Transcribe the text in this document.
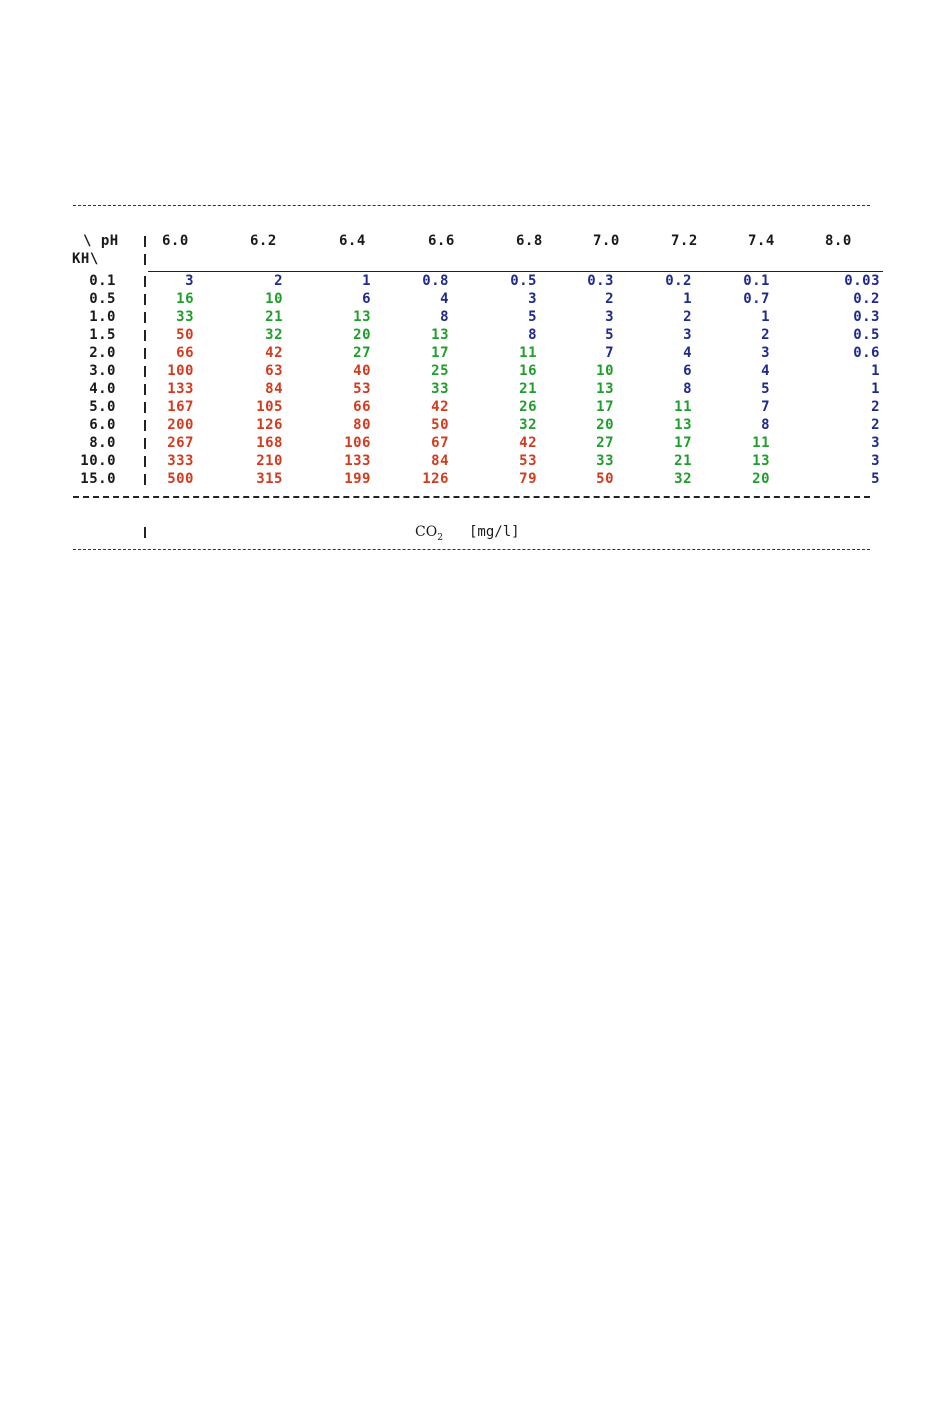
\ pH
KH\
6.0	6.2	6.4	6.6	6.8	7.0	7.2	7.4	8.0
0.1	3	2	1	0.8	0.5	0.3	0.2	0.1	0.03
0.5	16	10	6	4	3	2	1	0.7	0.2
1.0	33	21	13	8	5	3	2	1	0.3
1.5	50	32	20	13	8	5	3	2	0.5
2.0	66	42	27	17	11	7	4	3	0.6
3.0	100	63	40	25	16	10	6	4	1
4.0	133	84	53	33	21	13	8	5	1
5.0	167	105	66	42	26	17	11	7	2
6.0	200	126	80	50	32	20	13	8	2
8.0	267	168	106	67	42	27	17	11	3
10.0	333	210	133	84	53	33	21	13	3
15.0	500	315	199	126	79	50	32	20	5
$CO_2$ [mg/l]
